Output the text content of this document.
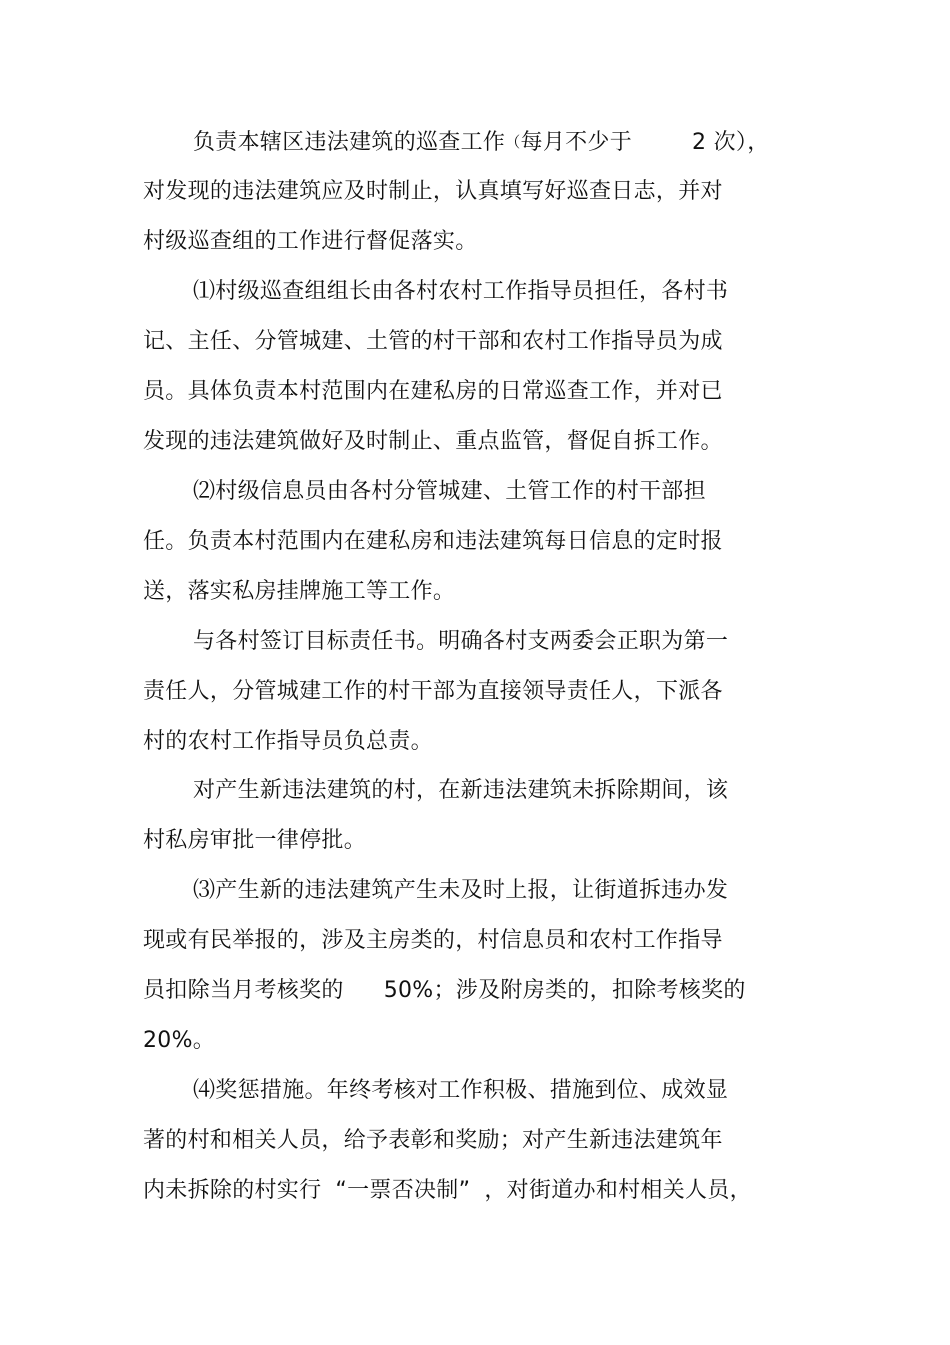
负责本辖区违法建筑的巡查工作（每月不少于	2 次），
对发现的违法建筑应及时制止，认真填写好巡查日志，并对
村级巡查组的工作进行督促落实。
⑴村级巡查组组长由各村农村工作指导员担任，各村书
记、主任、分管城建、土管的村干部和农村工作指导员为成
员。具体负责本村范围内在建私房的日常巡查工作，并对已
发现的违法建筑做好及时制止、重点监管，督促自拆工作。
⑵村级信息员由各村分管城建、土管工作的村干部担
任。负责本村范围内在建私房和违法建筑每日信息的定时报
送，落实私房挂牌施工等工作。
与各村签订目标责任书。明确各村支两委会正职为第一
责任人，分管城建工作的村干部为直接领导责任人，下派各
村的农村工作指导员负总责。
对产生新违法建筑的村，在新违法建筑未拆除期间，该
村私房审批一律停批。
⑶产生新的违法建筑产生未及时上报，让街道拆违办发
现或有民举报的，涉及主房类的，村信息员和农村工作指导
员扣除当月考核奖的 50%；涉及附房类的，扣除考核奖的
20%。
⑷奖惩措施。年终考核对工作积极、措施到位、成效显
著的村和相关人员，给予表彰和奖励；对产生新违法建筑年
内未拆除的村实行 “一票否决制” ，对街道办和村相关人员，
